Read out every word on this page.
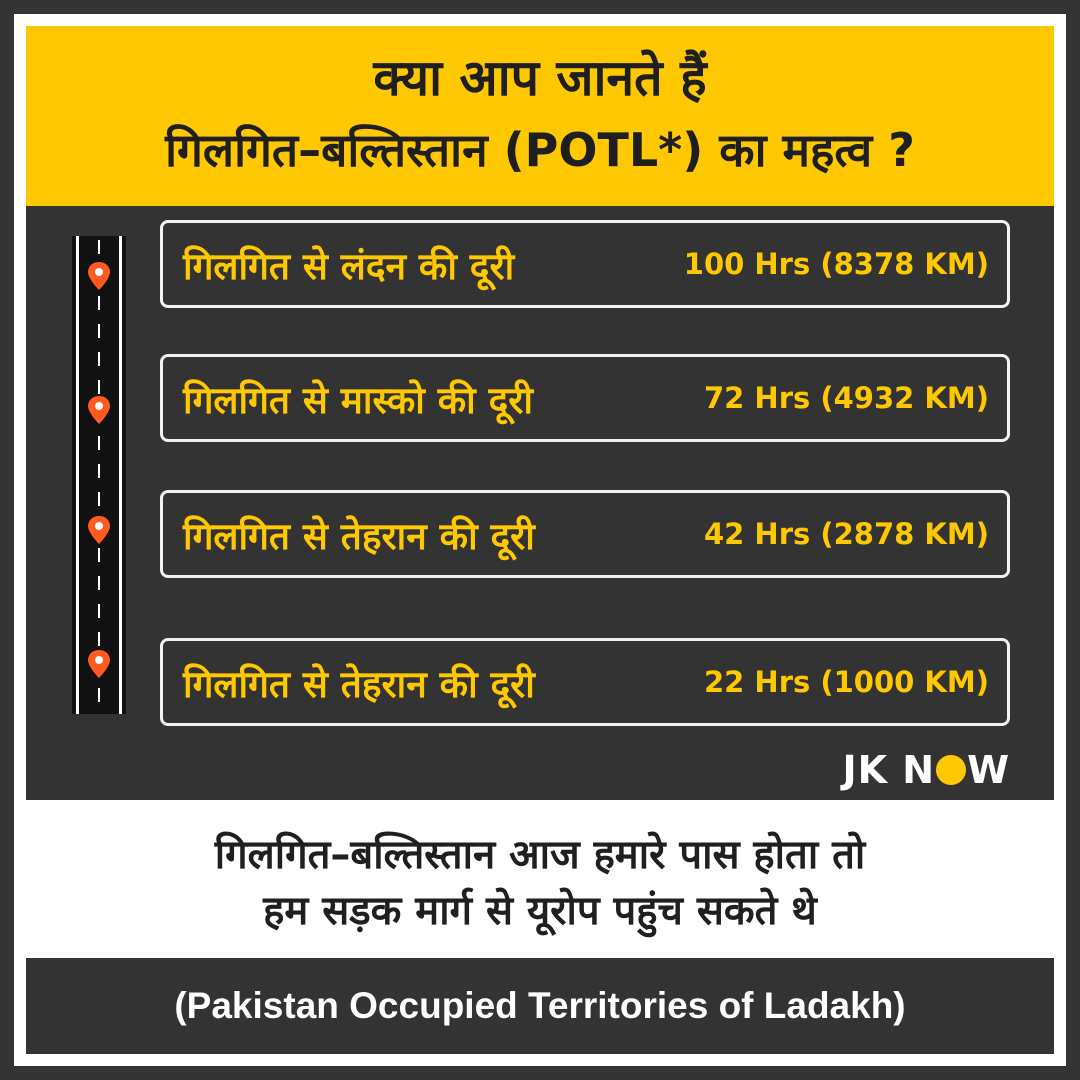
क्या आप जानते हैं
गिलगित–बल्तिस्तान (POTL*) का महत्व ?
गिलगित से लंदन की दूरी	100 Hrs (8378 KM)
गिलगित से मास्को की दूरी	72 Hrs (4932 KM)
गिलगित से तेहरान की दूरी	42 Hrs (2878 KM)
गिलगित से तेहरान की दूरी	22 Hrs (1000 KM)
JK N W
गिलगित–बल्तिस्तान आज हमारे पास होता तो
हम सड़क मार्ग से यूरोप पहुंच सकते थे
(Pakistan Occupied Territories of Ladakh)
